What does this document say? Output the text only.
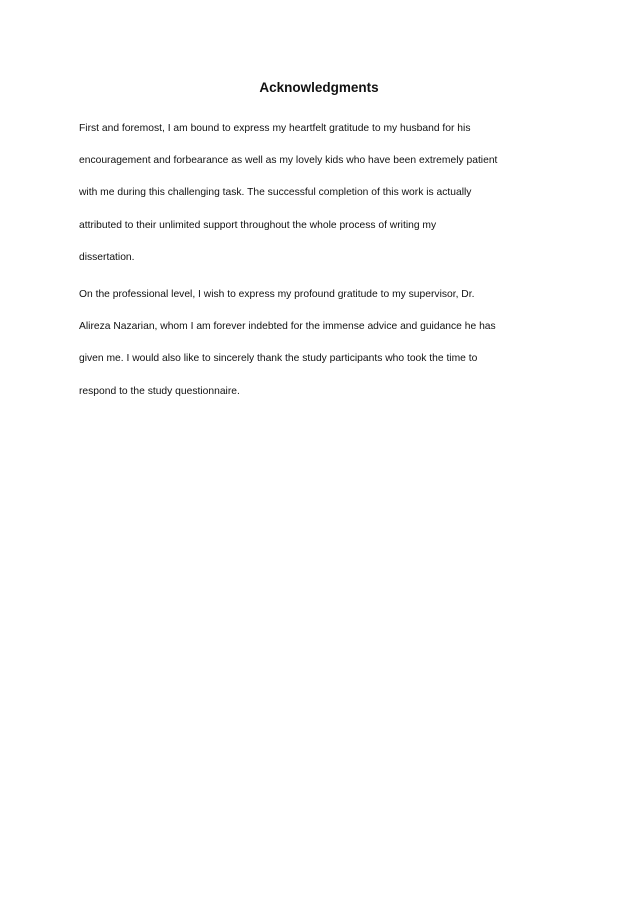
Acknowledgments

First and foremost, I am bound to express my heartfelt gratitude to my husband for his
encouragement and forbearance as well as my lovely kids who have been extremely patient
with me during this challenging task. The successful completion of this work is actually
attributed to their unlimited support throughout the whole process of writing my
dissertation.

On the professional level, I wish to express my profound gratitude to my supervisor, Dr.
Alireza Nazarian, whom I am forever indebted for the immense advice and guidance he has
given me. I would also like to sincerely thank the study participants who took the time to
respond to the study questionnaire.
